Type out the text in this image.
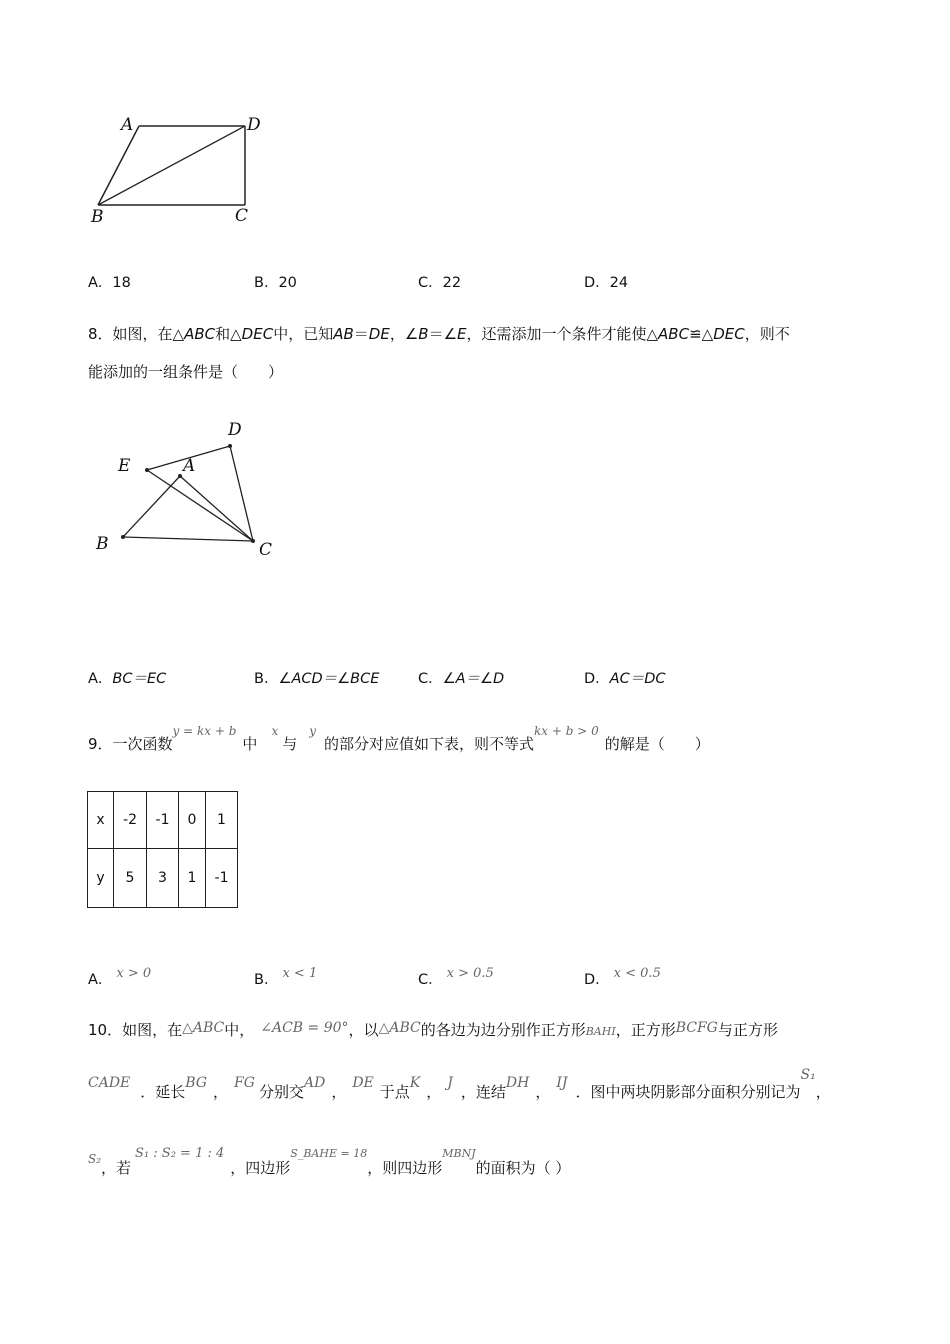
A	D
B	C
A．18	B．20	C．22	D．24
8．如图，在△ABC和△DEC中，已知AB＝DE，∠B＝∠E，还需添加一个条件才能使△ABC≌△DEC，则不
能添加的一组条件是（　　）
D
E	A
B	C
A．BC＝EC	B．∠ACD＝∠BCE	C．∠A＝∠D	D．AC＝DC
9．一次函数$^{y = kx + b}$中$^x$与$^y$的部分对应值如下表，则不等式$^{kx + b > 0}$的解是（　　）
x	-2	-1	0	1
y	5	3	1	-1
A． x > 0	B． x < 1	C． x > 0.5	D． x < 0.5
10．如图，在△ABC中， ∠ACB = 90°，以△ABC的各边为边分别作正方形BAHI，正方形BCFG与正方形
CADE ．延长BG ， FG 分别交AD ， DE 于点K ， J ，连结DH ， IJ ．图中两块阴影部分面积分别记为S₁，
$^{S_2}$，若S₁ : S₂ = 1 : 4，四边形$^{S\_BAHE = 18}$，则四边形$^{MBNJ}$的面积为（ ）
